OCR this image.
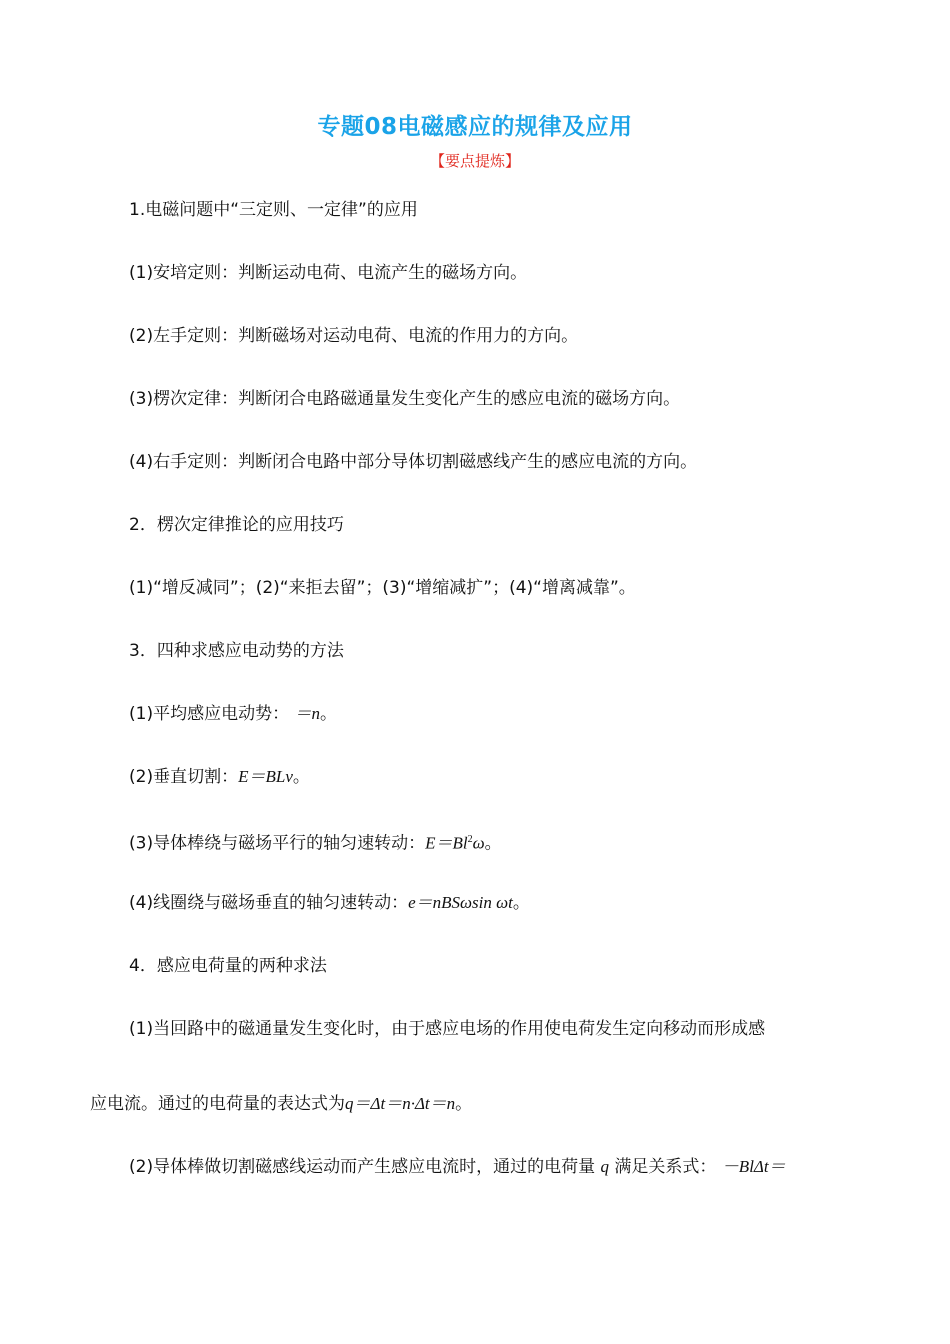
专题08电磁感应的规律及应用
【要点提炼】
1.电磁问题中“三定则、一定律”的应用
(1)安培定则：判断运动电荷、电流产生的磁场方向。
(2)左手定则：判断磁场对运动电荷、电流的作用力的方向。
(3)楞次定律：判断闭合电路磁通量发生变化产生的感应电流的磁场方向。
(4)右手定则：判断闭合电路中部分导体切割磁感线产生的感应电流的方向。
2．楞次定律推论的应用技巧
(1)“增反减同”；(2)“来拒去留”；(3)“增缩减扩”；(4)“增离减靠”。
3．四种求感应电动势的方法
(1)平均感应电动势： ＝n。
(2)垂直切割：E＝BLv。
(3)导体棒绕与磁场平行的轴匀速转动：$E=Bl^2\omega$。
(4)线圈绕与磁场垂直的轴匀速转动：e＝nBSωsin ωt。
4．感应电荷量的两种求法
(1)当回路中的磁通量发生变化时，由于感应电场的作用使电荷发生定向移动而形成感
应电流。通过的电荷量的表达式为q＝Δt＝n·Δt＝n。
(2)导体棒做切割磁感线运动而产生感应电流时，通过的电荷量 q 满足关系式： －BlΔt＝
